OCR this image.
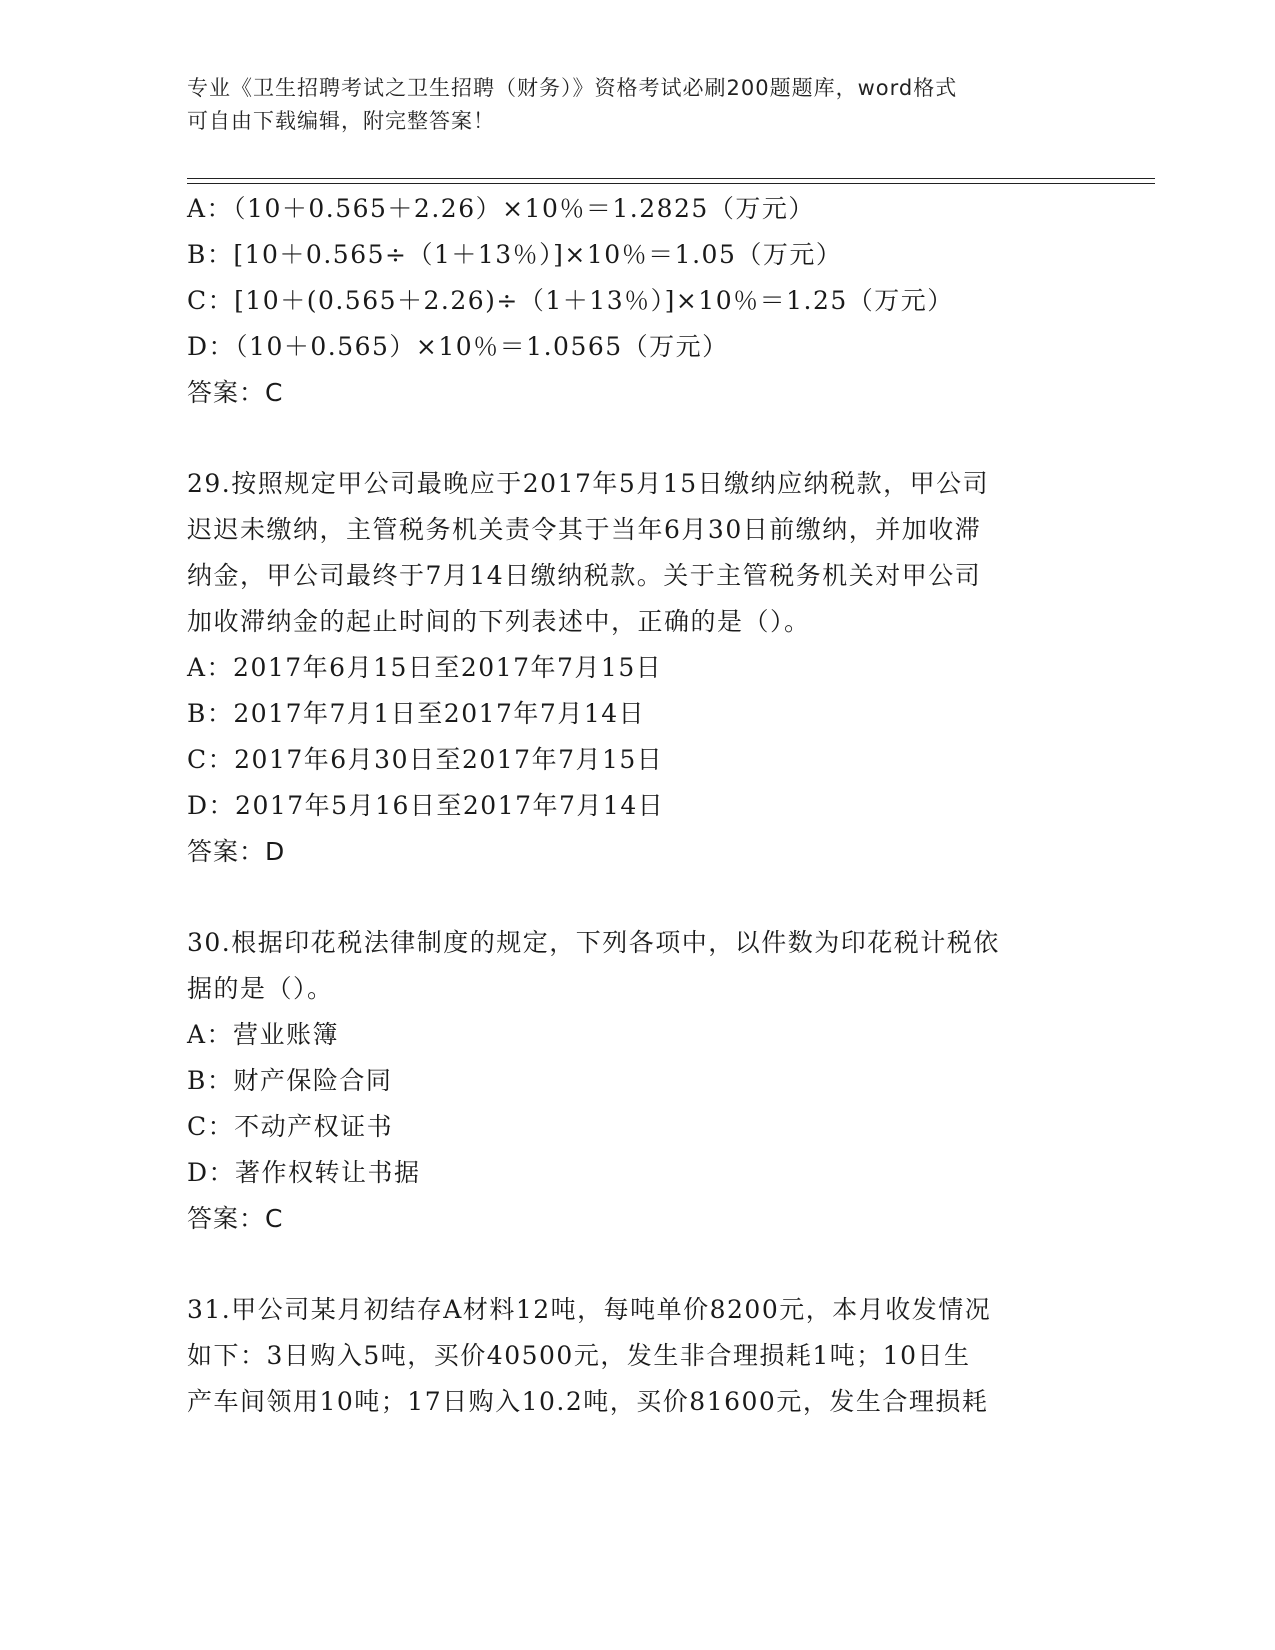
专业《卫生招聘考试之卫生招聘（财务）》资格考试必刷200题题库，word格式
可自由下载编辑，附完整答案！
A：（10＋0.565＋2.26）×10％＝1.2825（万元）
B：[10＋0.565÷（1＋13％）]×10％＝1.05（万元）
C：[10＋(0.565＋2.26)÷（1＋13％）]×10％＝1.25（万元）
D：（10＋0.565）×10％＝1.0565（万元）
答案：C
29.按照规定甲公司最晚应于2017年5月15日缴纳应纳税款，甲公司
迟迟未缴纳，主管税务机关责令其于当年6月30日前缴纳，并加收滞
纳金，甲公司最终于7月14日缴纳税款。关于主管税务机关对甲公司
加收滞纳金的起止时间的下列表述中，正确的是（）。
A：2017年6月15日至2017年7月15日
B：2017年7月1日至2017年7月14日
C：2017年6月30日至2017年7月15日
D：2017年5月16日至2017年7月14日
答案：D
30.根据印花税法律制度的规定，下列各项中，以件数为印花税计税依
据的是（）。
A：营业账簿
B：财产保险合同
C：不动产权证书
D：著作权转让书据
答案：C
31.甲公司某月初结存A材料12吨，每吨单价8200元，本月收发情况
如下：3日购入5吨，买价40500元，发生非合理损耗1吨；10日生
产车间领用10吨；17日购入10.2吨，买价81600元，发生合理损耗
